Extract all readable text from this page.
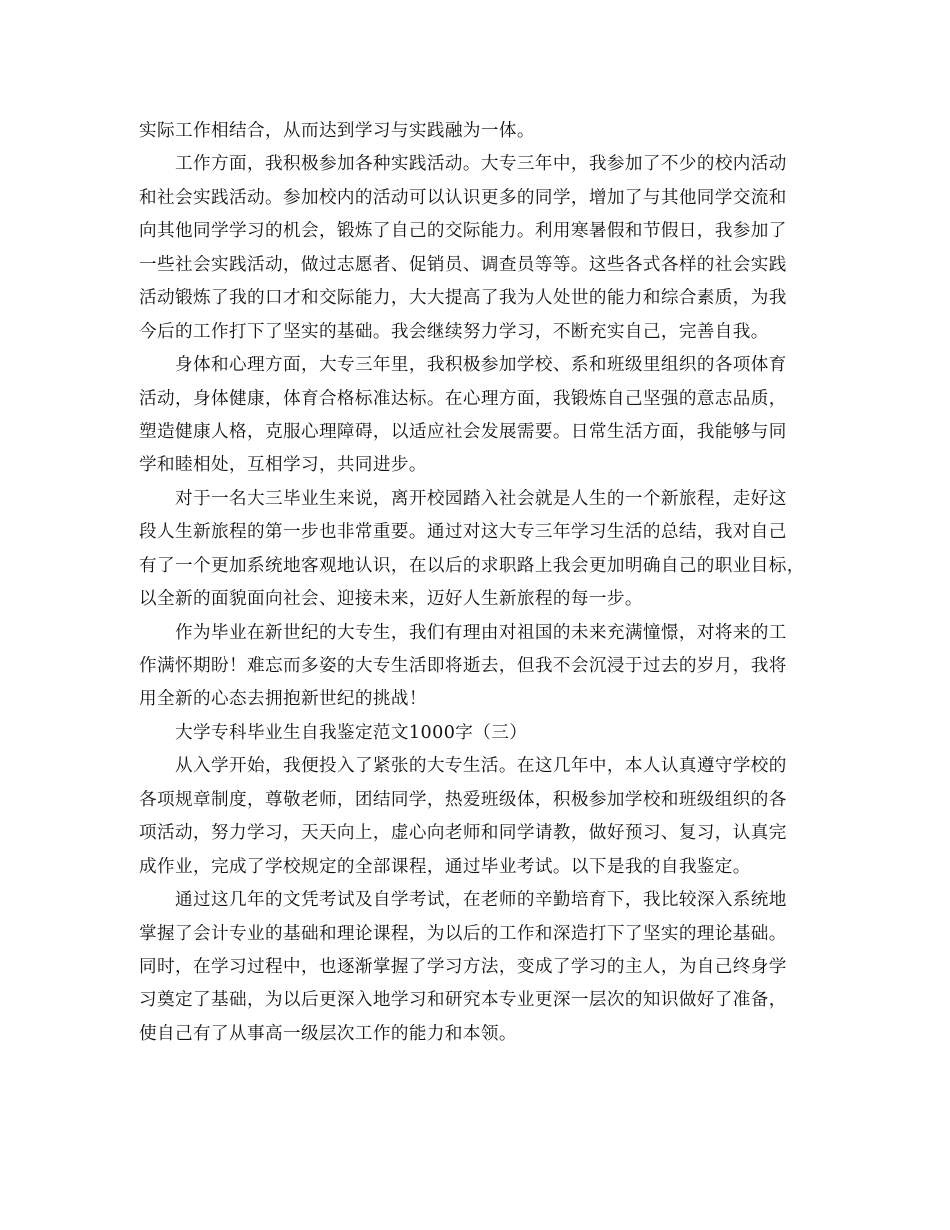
实际工作相结合，从而达到学习与实践融为一体。
工作方面，我积极参加各种实践活动。大专三年中，我参加了不少的校内活动
和社会实践活动。参加校内的活动可以认识更多的同学，增加了与其他同学交流和
向其他同学学习的机会，锻炼了自己的交际能力。利用寒暑假和节假日，我参加了
一些社会实践活动，做过志愿者、促销员、调查员等等。这些各式各样的社会实践
活动锻炼了我的口才和交际能力，大大提高了我为人处世的能力和综合素质，为我
今后的工作打下了坚实的基础。我会继续努力学习，不断充实自己，完善自我。
身体和心理方面，大专三年里，我积极参加学校、系和班级里组织的各项体育
活动，身体健康，体育合格标准达标。在心理方面，我锻炼自己坚强的意志品质，
塑造健康人格，克服心理障碍，以适应社会发展需要。日常生活方面，我能够与同
学和睦相处，互相学习，共同进步。
对于一名大三毕业生来说，离开校园踏入社会就是人生的一个新旅程，走好这
段人生新旅程的第一步也非常重要。通过对这大专三年学习生活的总结，我对自己
有了一个更加系统地客观地认识，在以后的求职路上我会更加明确自己的职业目标，
以全新的面貌面向社会、迎接未来，迈好人生新旅程的每一步。
作为毕业在新世纪的大专生，我们有理由对祖国的未来充满憧憬，对将来的工
作满怀期盼！难忘而多姿的大专生活即将逝去，但我不会沉浸于过去的岁月，我将
用全新的心态去拥抱新世纪的挑战！
大学专科毕业生自我鉴定范文1000字（三）
从入学开始，我便投入了紧张的大专生活。在这几年中，本人认真遵守学校的
各项规章制度，尊敬老师，团结同学，热爱班级体，积极参加学校和班级组织的各
项活动，努力学习，天天向上，虚心向老师和同学请教，做好预习、复习，认真完
成作业，完成了学校规定的全部课程，通过毕业考试。以下是我的自我鉴定。
通过这几年的文凭考试及自学考试，在老师的辛勤培育下，我比较深入系统地
掌握了会计专业的基础和理论课程，为以后的工作和深造打下了坚实的理论基础。
同时，在学习过程中，也逐渐掌握了学习方法，变成了学习的主人，为自己终身学
习奠定了基础，为以后更深入地学习和研究本专业更深一层次的知识做好了准备，
使自己有了从事高一级层次工作的能力和本领。
